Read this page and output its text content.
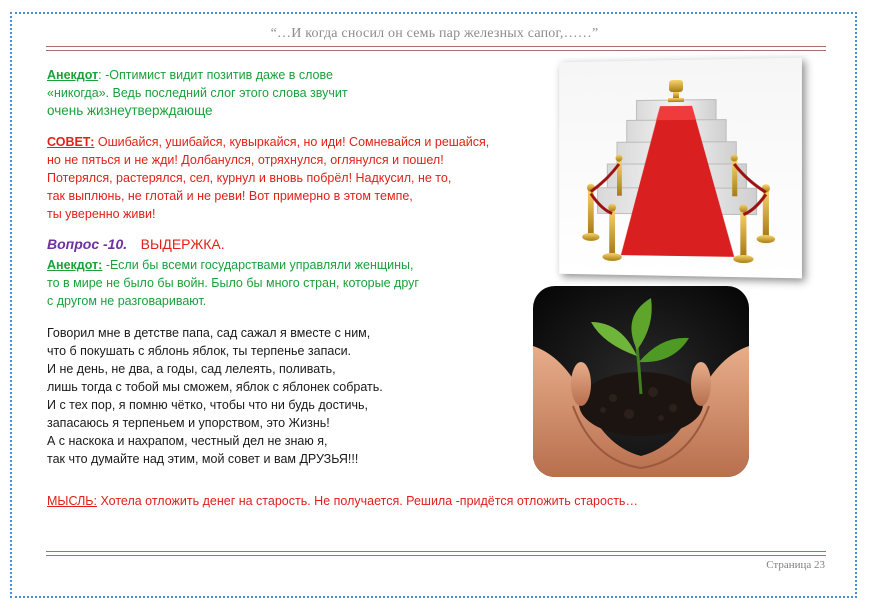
“…И когда сносил он семь пар железных сапог,……”
Анекдот: -Оптимист видит позитив даже в слове
«никогда». Ведь последний слог этого слова звучит
очень жизнеутверждающе
СОВЕТ: Ошибайся, ушибайся, кувыркайся, но иди! Сомневайся и решайся,
но не пяться и не жди! Долбанулся, отряхнулся, оглянулся и пошел!
Потерялся, растерялся, сел, курнул и вновь побрёл! Надкусил, не то,
так выплюнь, не глотай и не реви! Вот примерно в этом темпе,
ты уверенно живи!
Вопрос -10. ВЫДЕРЖКА.
Анекдот: -Если бы всеми государствами управляли женщины,
то в мире не было бы войн. Было бы много стран, которые друг
с другом не разговаривают.
Говорил мне в детстве папа, сад сажал я вместе с ним,
что б покушать с яблонь яблок, ты терпенье запаси.
И не день, не два, а годы, сад лелеять, поливать,
лишь тогда с тобой мы сможем, яблок с яблонек собрать.
И с тех пор, я помню чётко, чтобы что ни будь достичь,
запасаюсь я терпеньем и упорством, это Жизнь!
А с наскока и нахрапом, честный дел не знаю я,
так что думайте над этим, мой совет и вам ДРУЗЬЯ!!!
МЫСЛЬ: Хотела отложить денег на старость. Не получается. Решила -придётся отложить старость…
Страница 23
